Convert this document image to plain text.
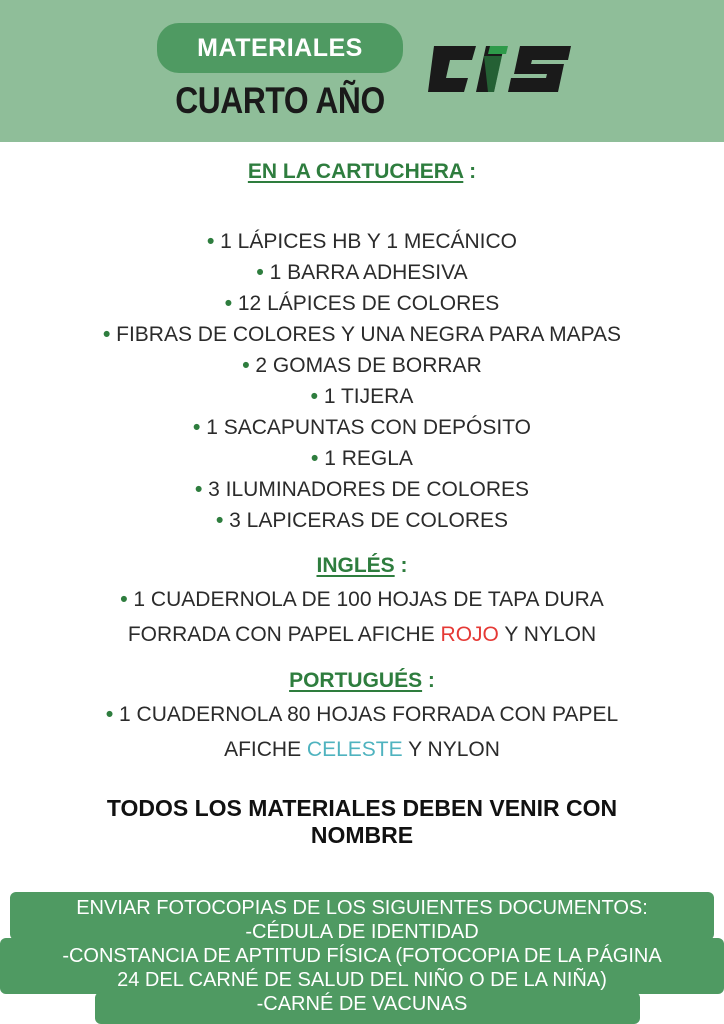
MATERIALES
CUARTO AÑO

EN LA CARTUCHERA :

• 1 LÁPICES HB Y 1 MECÁNICO

• 1 BARRA ADHESIVA

• 12 LÁPICES DE COLORES

• FIBRAS DE COLORES Y UNA NEGRA PARA MAPAS

• 2 GOMAS DE BORRAR

• 1 TIJERA

• 1 SACAPUNTAS CON DEPÓSITO

• 1 REGLA

• 3 ILUMINADORES DE COLORES

• 3 LAPICERAS DE COLORES

INGLÉS :

• 1 CUADERNOLA DE 100 HOJAS DE TAPA DURA

FORRADA CON PAPEL AFICHE ROJO Y NYLON

PORTUGUÉS :

• 1 CUADERNOLA 80 HOJAS FORRADA CON PAPEL

AFICHE CELESTE Y NYLON

TODOS LOS MATERIALES DEBEN VENIR CON
NOMBRE
ENVIAR FOTOCOPIAS DE LOS SIGUIENTES DOCUMENTOS:
-CÉDULA DE IDENTIDAD
-CONSTANCIA DE APTITUD FÍSICA (FOTOCOPIA DE LA PÁGINA
24 DEL CARNÉ DE SALUD DEL NIÑO O DE LA NIÑA)
-CARNÉ DE VACUNAS
